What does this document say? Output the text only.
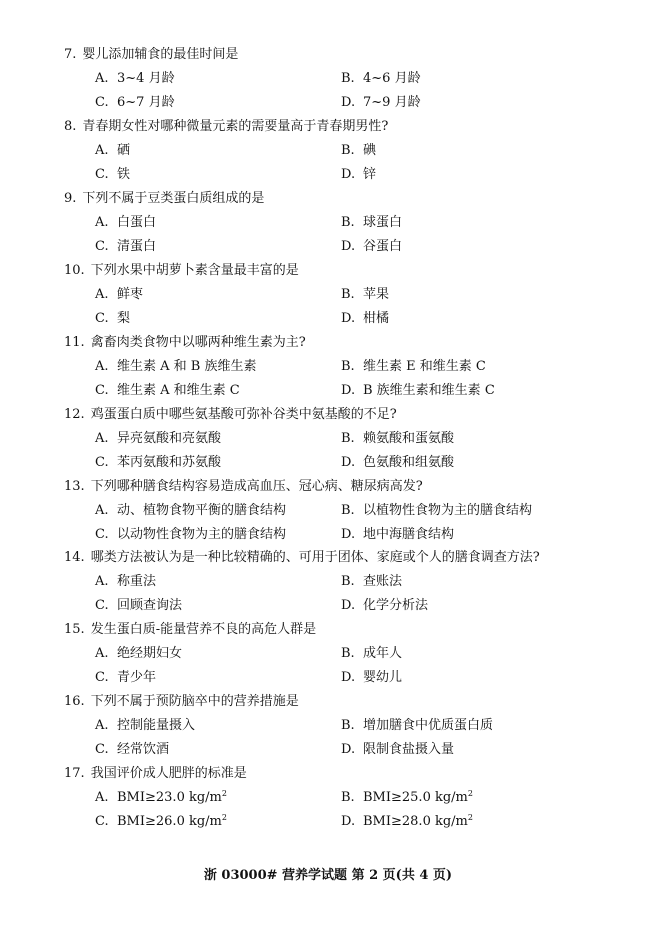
7. 婴儿添加辅食的最佳时间是
A. 3~4 月龄	B. 4~6 月龄
C. 6~7 月龄	D. 7~9 月龄
8. 青春期女性对哪种微量元素的需要量高于青春期男性?
A. 硒	B. 碘
C. 铁	D. 锌
9. 下列不属于豆类蛋白质组成的是
A. 白蛋白	B. 球蛋白
C. 清蛋白	D. 谷蛋白
10. 下列水果中胡萝卜素含量最丰富的是
A. 鲜枣	B. 苹果
C. 梨	D. 柑橘
11. 禽畜肉类食物中以哪两种维生素为主?
A. 维生素 A 和 B 族维生素	B. 维生素 E 和维生素 C
C. 维生素 A 和维生素 C	D. B 族维生素和维生素 C
12. 鸡蛋蛋白质中哪些氨基酸可弥补谷类中氨基酸的不足?
A. 异亮氨酸和亮氨酸	B. 赖氨酸和蛋氨酸
C. 苯丙氨酸和苏氨酸	D. 色氨酸和组氨酸
13. 下列哪种膳食结构容易造成高血压、冠心病、糖尿病高发?
A. 动、植物食物平衡的膳食结构	B. 以植物性食物为主的膳食结构
C. 以动物性食物为主的膳食结构	D. 地中海膳食结构
14. 哪类方法被认为是一种比较精确的、可用于团体、家庭或个人的膳食调查方法?
A. 称重法	B. 查账法
C. 回顾查询法	D. 化学分析法
15. 发生蛋白质-能量营养不良的高危人群是
A. 绝经期妇女	B. 成年人
C. 青少年	D. 婴幼儿
16. 下列不属于预防脑卒中的营养措施是
A. 控制能量摄入	B. 增加膳食中优质蛋白质
C. 经常饮酒	D. 限制食盐摄入量
17. 我国评价成人肥胖的标准是
A. BMI≥23.0 $kg/m^2$	B. BMI≥25.0 $kg/m^2$
C. BMI≥26.0 $kg/m^2$	D. BMI≥28.0 $kg/m^2$
浙 03000# 营养学试题 第 2 页(共 4 页)
